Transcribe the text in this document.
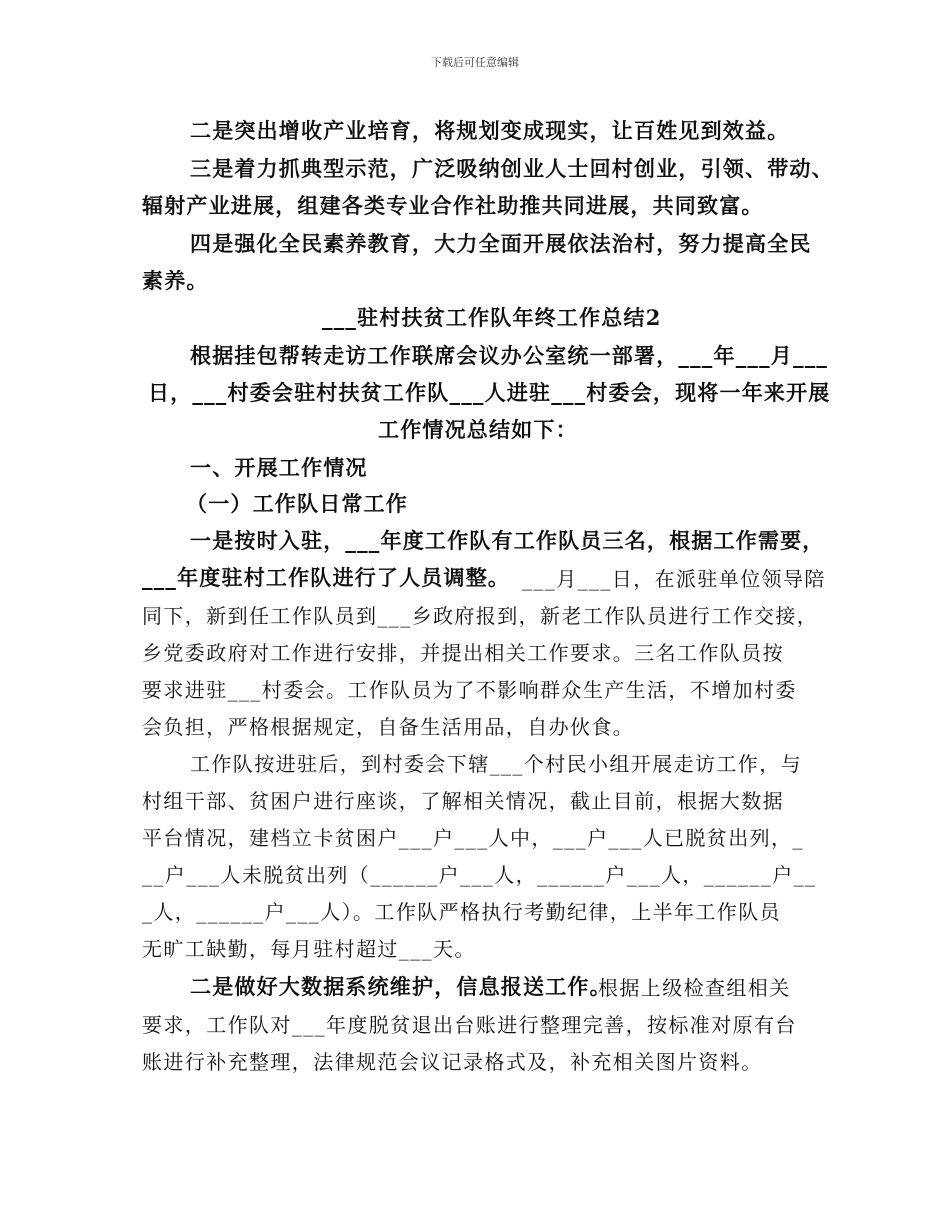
下载后可任意编辑
二是突出增收产业培育，将规划变成现实，让百姓见到效益。
三是着力抓典型示范，广泛吸纳创业人士回村创业，引领、带动、
辐射产业进展，组建各类专业合作社助推共同进展，共同致富。
四是强化全民素养教育，大力全面开展依法治村，努力提高全民
素养。
___驻村扶贫工作队年终工作总结2
根据挂包帮转走访工作联席会议办公室统一部署，___年___月___
日，___村委会驻村扶贫工作队___人进驻___村委会，现将一年来开展
工作情况总结如下：
一、开展工作情况
（一）工作队日常工作
一是按时入驻，___年度工作队有工作队员三名，根据工作需要，
___年度驻村工作队进行了人员调整。 ___月___日，在派驻单位领导陪
同下，新到任工作队员到___乡政府报到，新老工作队员进行工作交接，
乡党委政府对工作进行安排，并提出相关工作要求。三名工作队员按
要求进驻___村委会。工作队员为了不影响群众生产生活，不增加村委
会负担，严格根据规定，自备生活用品，自办伙食。
工作队按进驻后，到村委会下辖___个村民小组开展走访工作，与
村组干部、贫困户进行座谈，了解相关情况，截止目前，根据大数据
平台情况，建档立卡贫困户___户___人中，___户___人已脱贫出列，_
__户___人未脱贫出列（______户___人，______户___人，______户__
_人，______户___人）。工作队严格执行考勤纪律，上半年工作队员
无旷工缺勤，每月驻村超过___天。
二是做好大数据系统维护，信息报送工作。
根据上级检查组相关
要求，工作队对___年度脱贫退出台账进行整理完善，按标准对原有台
账进行补充整理，法律规范会议记录格式及，补充相关图片资料。
